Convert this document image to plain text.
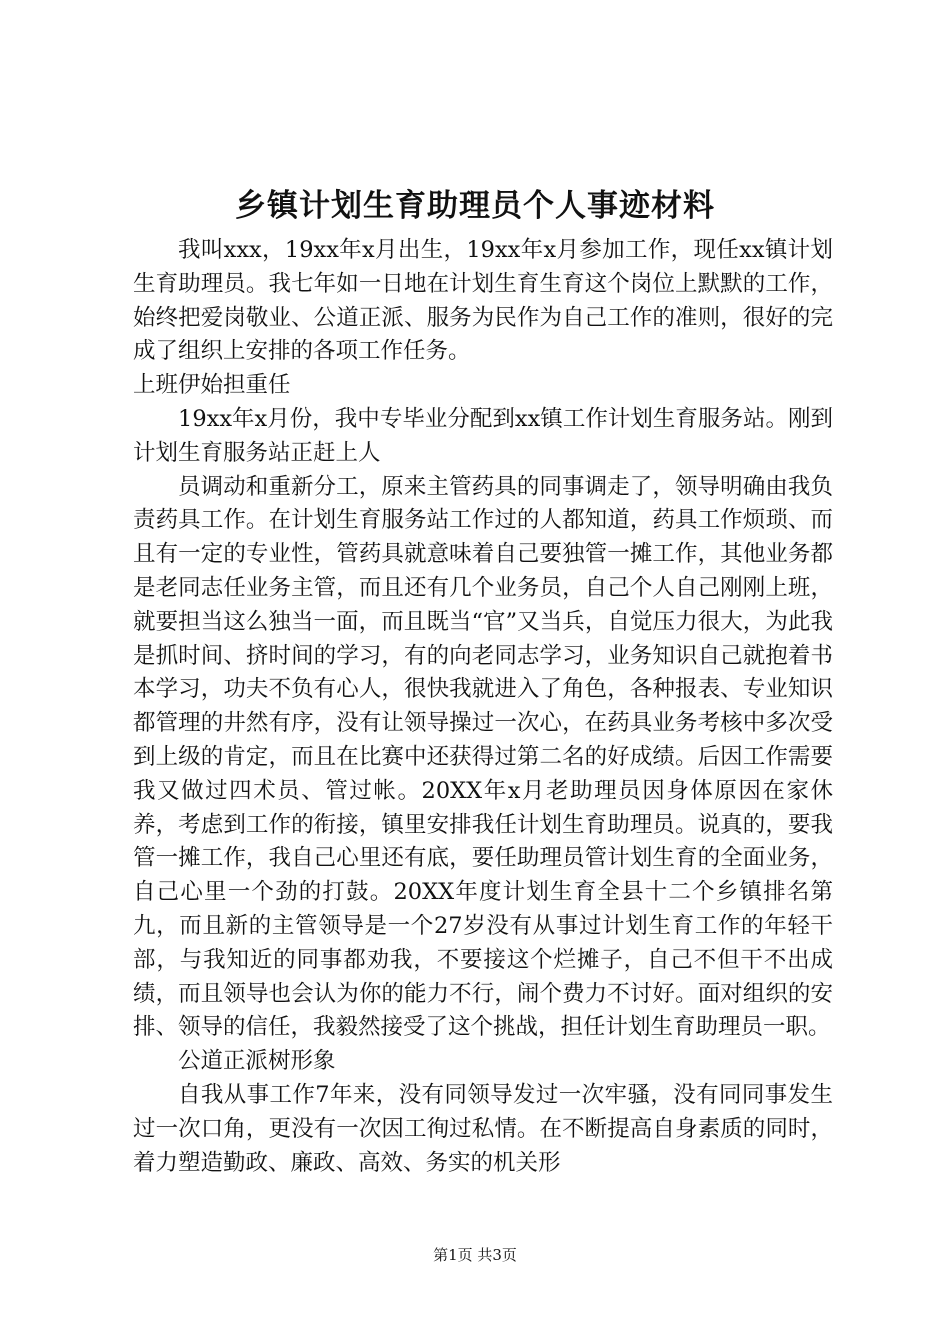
乡镇计划生育助理员个人事迹材料

我叫xxx，19xx年x月出生，19xx年x月参加工作，现任xx镇计划生育助理员。我七年如一日地在计划生育生育这个岗位上默默的工作，始终把爱岗敬业、公道正派、服务为民作为自己工作的准则，很好的完成了组织上安排的各项工作任务。

上班伊始担重任

19xx年x月份，我中专毕业分配到xx镇工作计划生育服务站。刚到计划生育服务站正赶上人

员调动和重新分工，原来主管药具的同事调走了，领导明确由我负责药具工作。在计划生育服务站工作过的人都知道，药具工作烦琐、而且有一定的专业性，管药具就意味着自己要独管一摊工作，其他业务都是老同志任业务主管，而且还有几个业务员，自己个人自己刚刚上班，就要担当这么独当一面，而且既当“官”又当兵，自觉压力很大，为此我是抓时间、挤时间的学习，有的向老同志学习，业务知识自己就抱着书本学习，功夫不负有心人，很快我就进入了角色，各种报表、专业知识都管理的井然有序，没有让领导操过一次心，在药具业务考核中多次受到上级的肯定，而且在比赛中还获得过第二名的好成绩。后因工作需要我又做过四术员、管过帐。20XX年x月老助理员因身体原因在家休养，考虑到工作的衔接，镇里安排我任计划生育助理员。说真的，要我管一摊工作，我自己心里还有底，要任助理员管计划生育的全面业务，自己心里一个劲的打鼓。20XX年度计划生育全县十二个乡镇排名第九，而且新的主管领导是一个27岁没有从事过计划生育工作的年轻干部，与我知近的同事都劝我，不要接这个烂摊子，自己不但干不出成绩，而且领导也会认为你的能力不行，闹个费力不讨好。面对组织的安排、领导的信任，我毅然接受了这个挑战，担任计划生育助理员一职。

公道正派树形象

自我从事工作7年来，没有同领导发过一次牢骚，没有同同事发生过一次口角，更没有一次因工徇过私情。在不断提高自身素质的同时，着力塑造勤政、廉政、高效、务实的机关形

第1页 共3页
